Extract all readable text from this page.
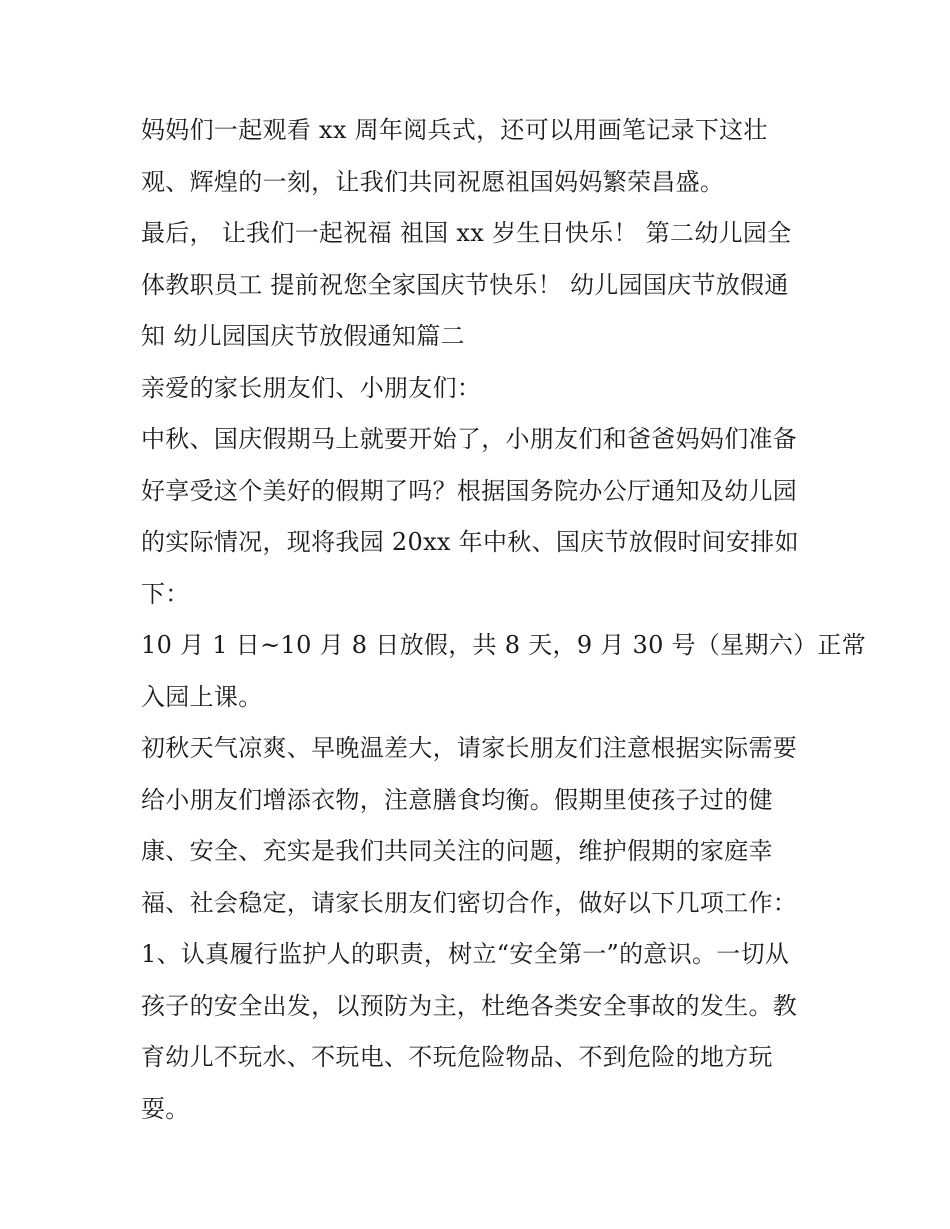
妈妈们一起观看 xx 周年阅兵式，还可以用画笔记录下这壮
观、辉煌的一刻，让我们共同祝愿祖国妈妈繁荣昌盛。
最后， 让我们一起祝福 祖国 xx 岁生日快乐！ 第二幼儿园全
体教职员工 提前祝您全家国庆节快乐！ 幼儿园国庆节放假通
知 幼儿园国庆节放假通知篇二
亲爱的家长朋友们、小朋友们：
中秋、国庆假期马上就要开始了，小朋友们和爸爸妈妈们准备
好享受这个美好的假期了吗？根据国务院办公厅通知及幼儿园
的实际情况，现将我园 20xx 年中秋、国庆节放假时间安排如
下：
10 月 1 日~10 月 8 日放假，共 8 天，9 月 30 号（星期六）正常
入园上课。
初秋天气凉爽、早晚温差大，请家长朋友们注意根据实际需要
给小朋友们增添衣物，注意膳食均衡。假期里使孩子过的健
康、安全、充实是我们共同关注的问题，维护假期的家庭幸
福、社会稳定，请家长朋友们密切合作，做好以下几项工作：
1、认真履行监护人的职责，树立“安全第一”的意识。一切从
孩子的安全出发，以预防为主，杜绝各类安全事故的发生。教
育幼儿不玩水、不玩电、不玩危险物品、不到危险的地方玩
耍。
